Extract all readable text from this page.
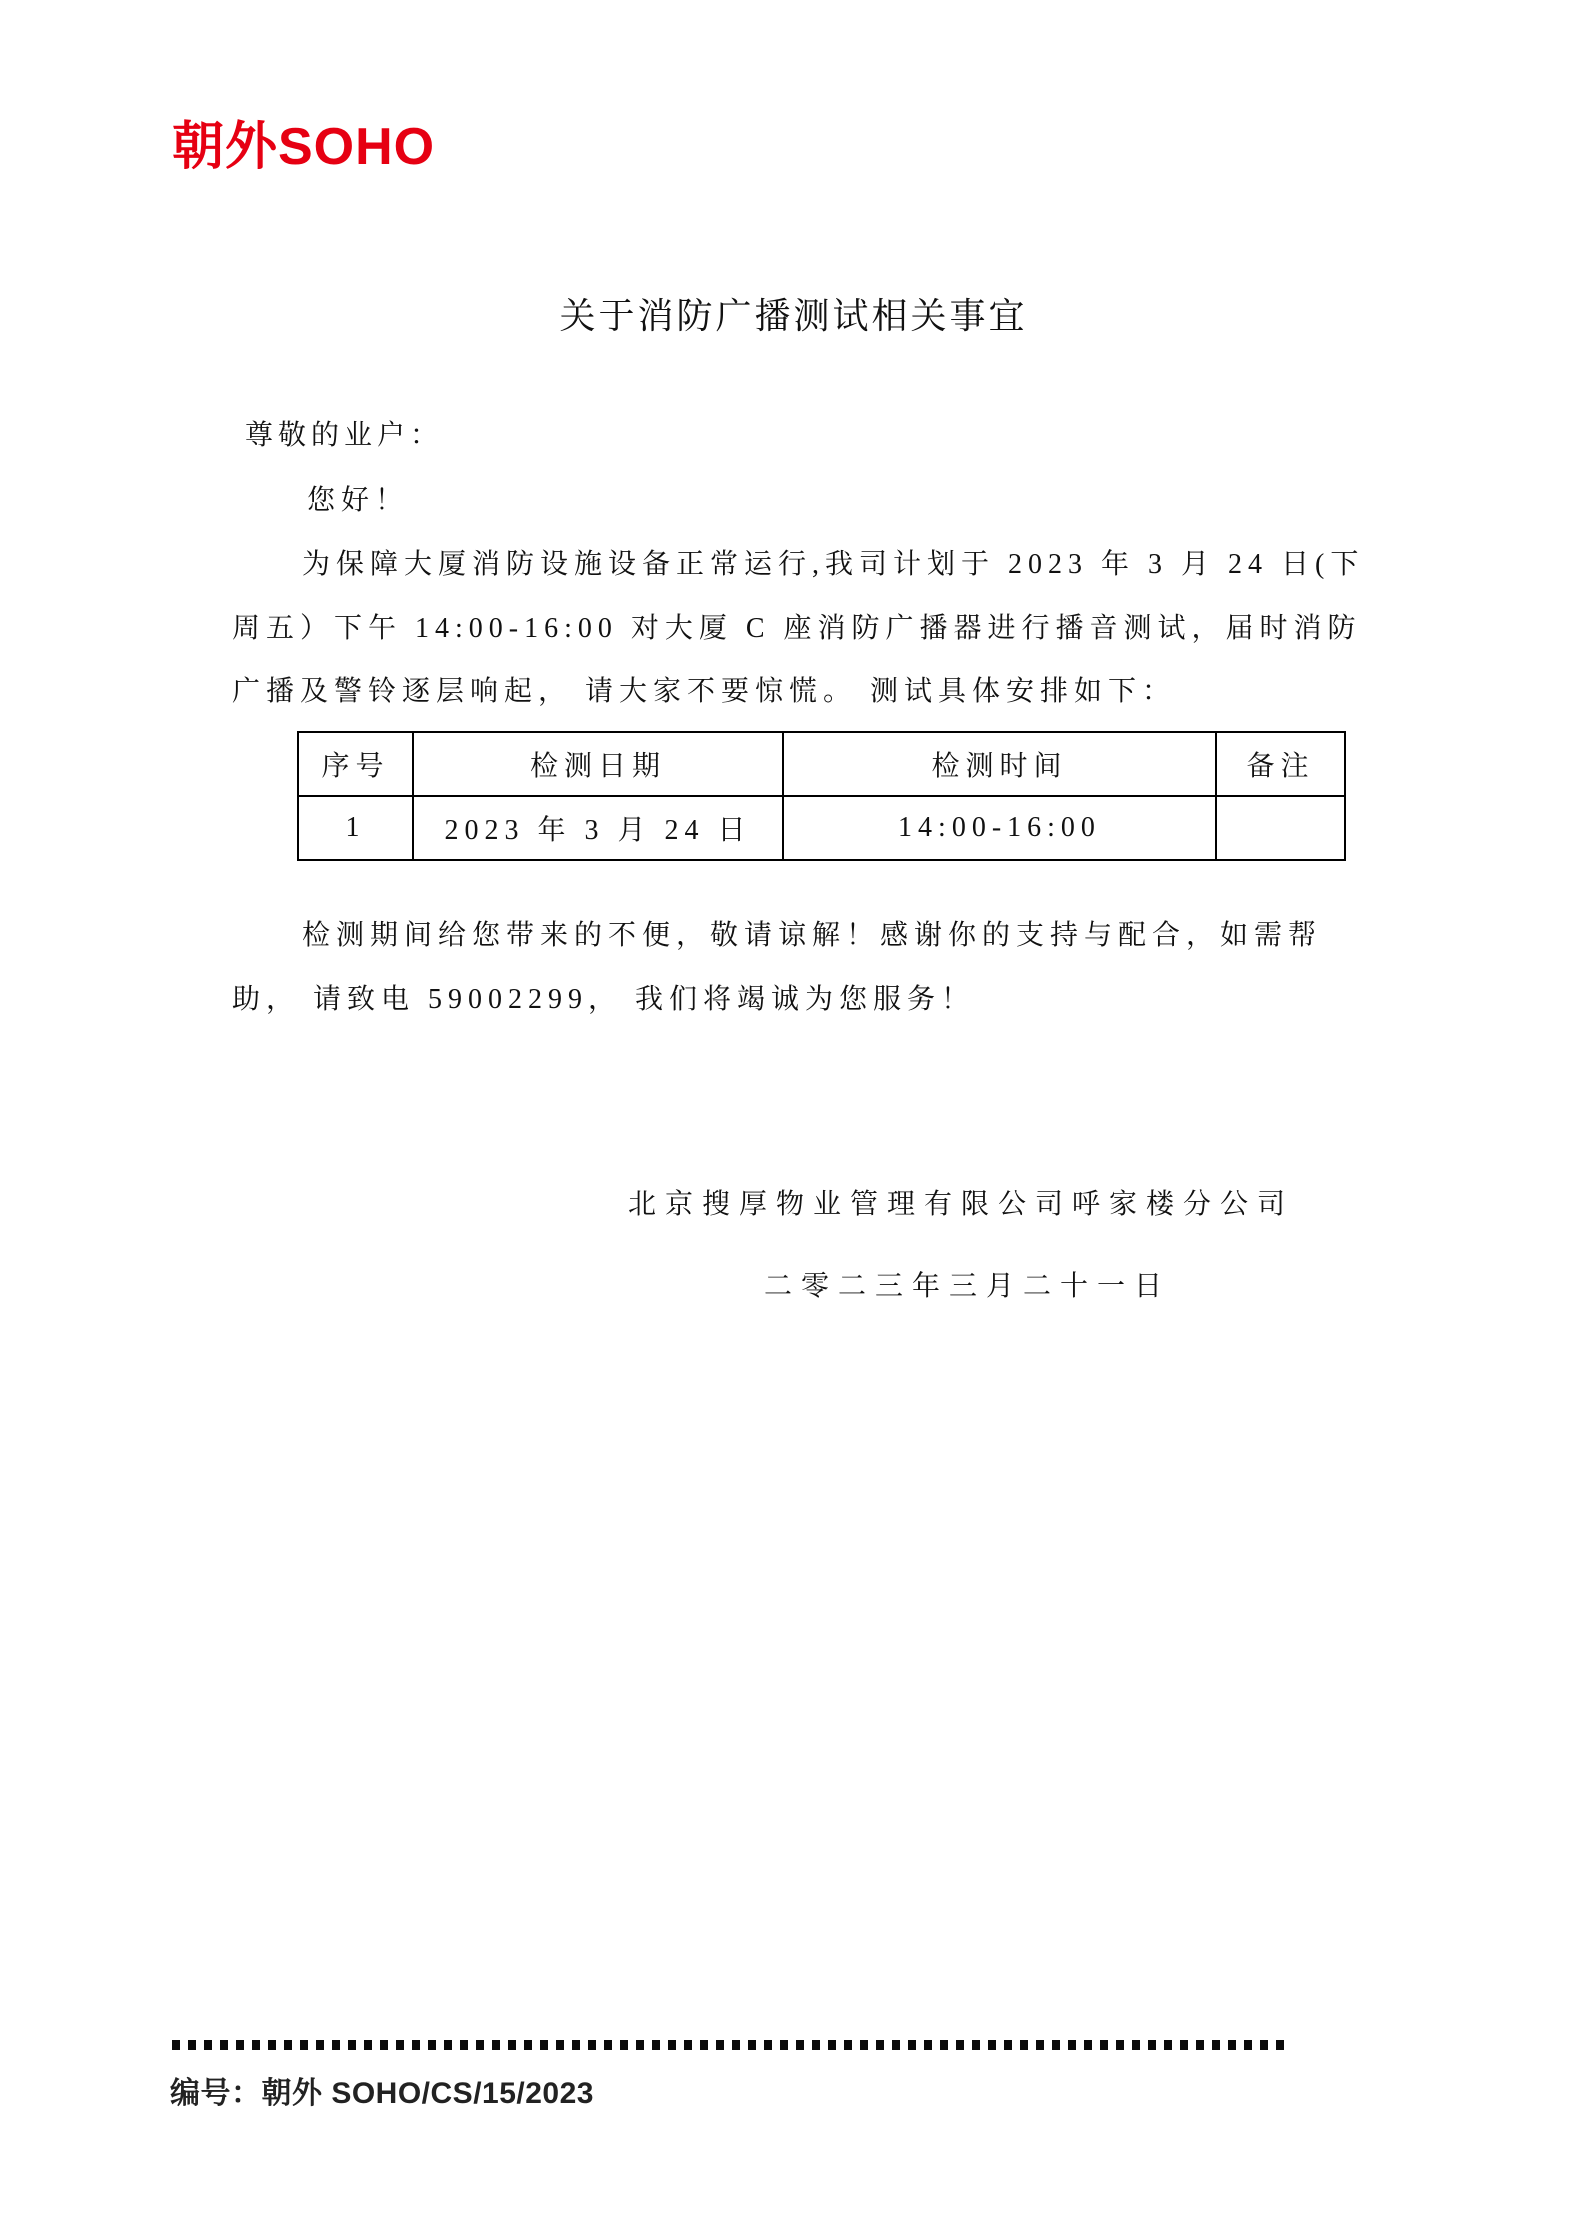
朝外SOHO
关于消防广播测试相关事宜
尊敬的业户：
您好！
为保障大厦消防设施设备正常运行,我司计划于 2023 年 3 月 24 日(下
周五）下午 14:00-16:00 对大厦 C 座消防广播器进行播音测试，届时消防
广播及警铃逐层响起， 请大家不要惊慌。 测试具体安排如下：
序号	检测日期	检测时间	备注
1	2023 年 3 月 24 日	14:00-16:00	
检测期间给您带来的不便，敬请谅解！感谢你的支持与配合，如需帮
助， 请致电 59002299， 我们将竭诚为您服务！
北京搜厚物业管理有限公司呼家楼分公司
二零二三年三月二十一日
编号：朝外 SOHO/CS/15/2023
